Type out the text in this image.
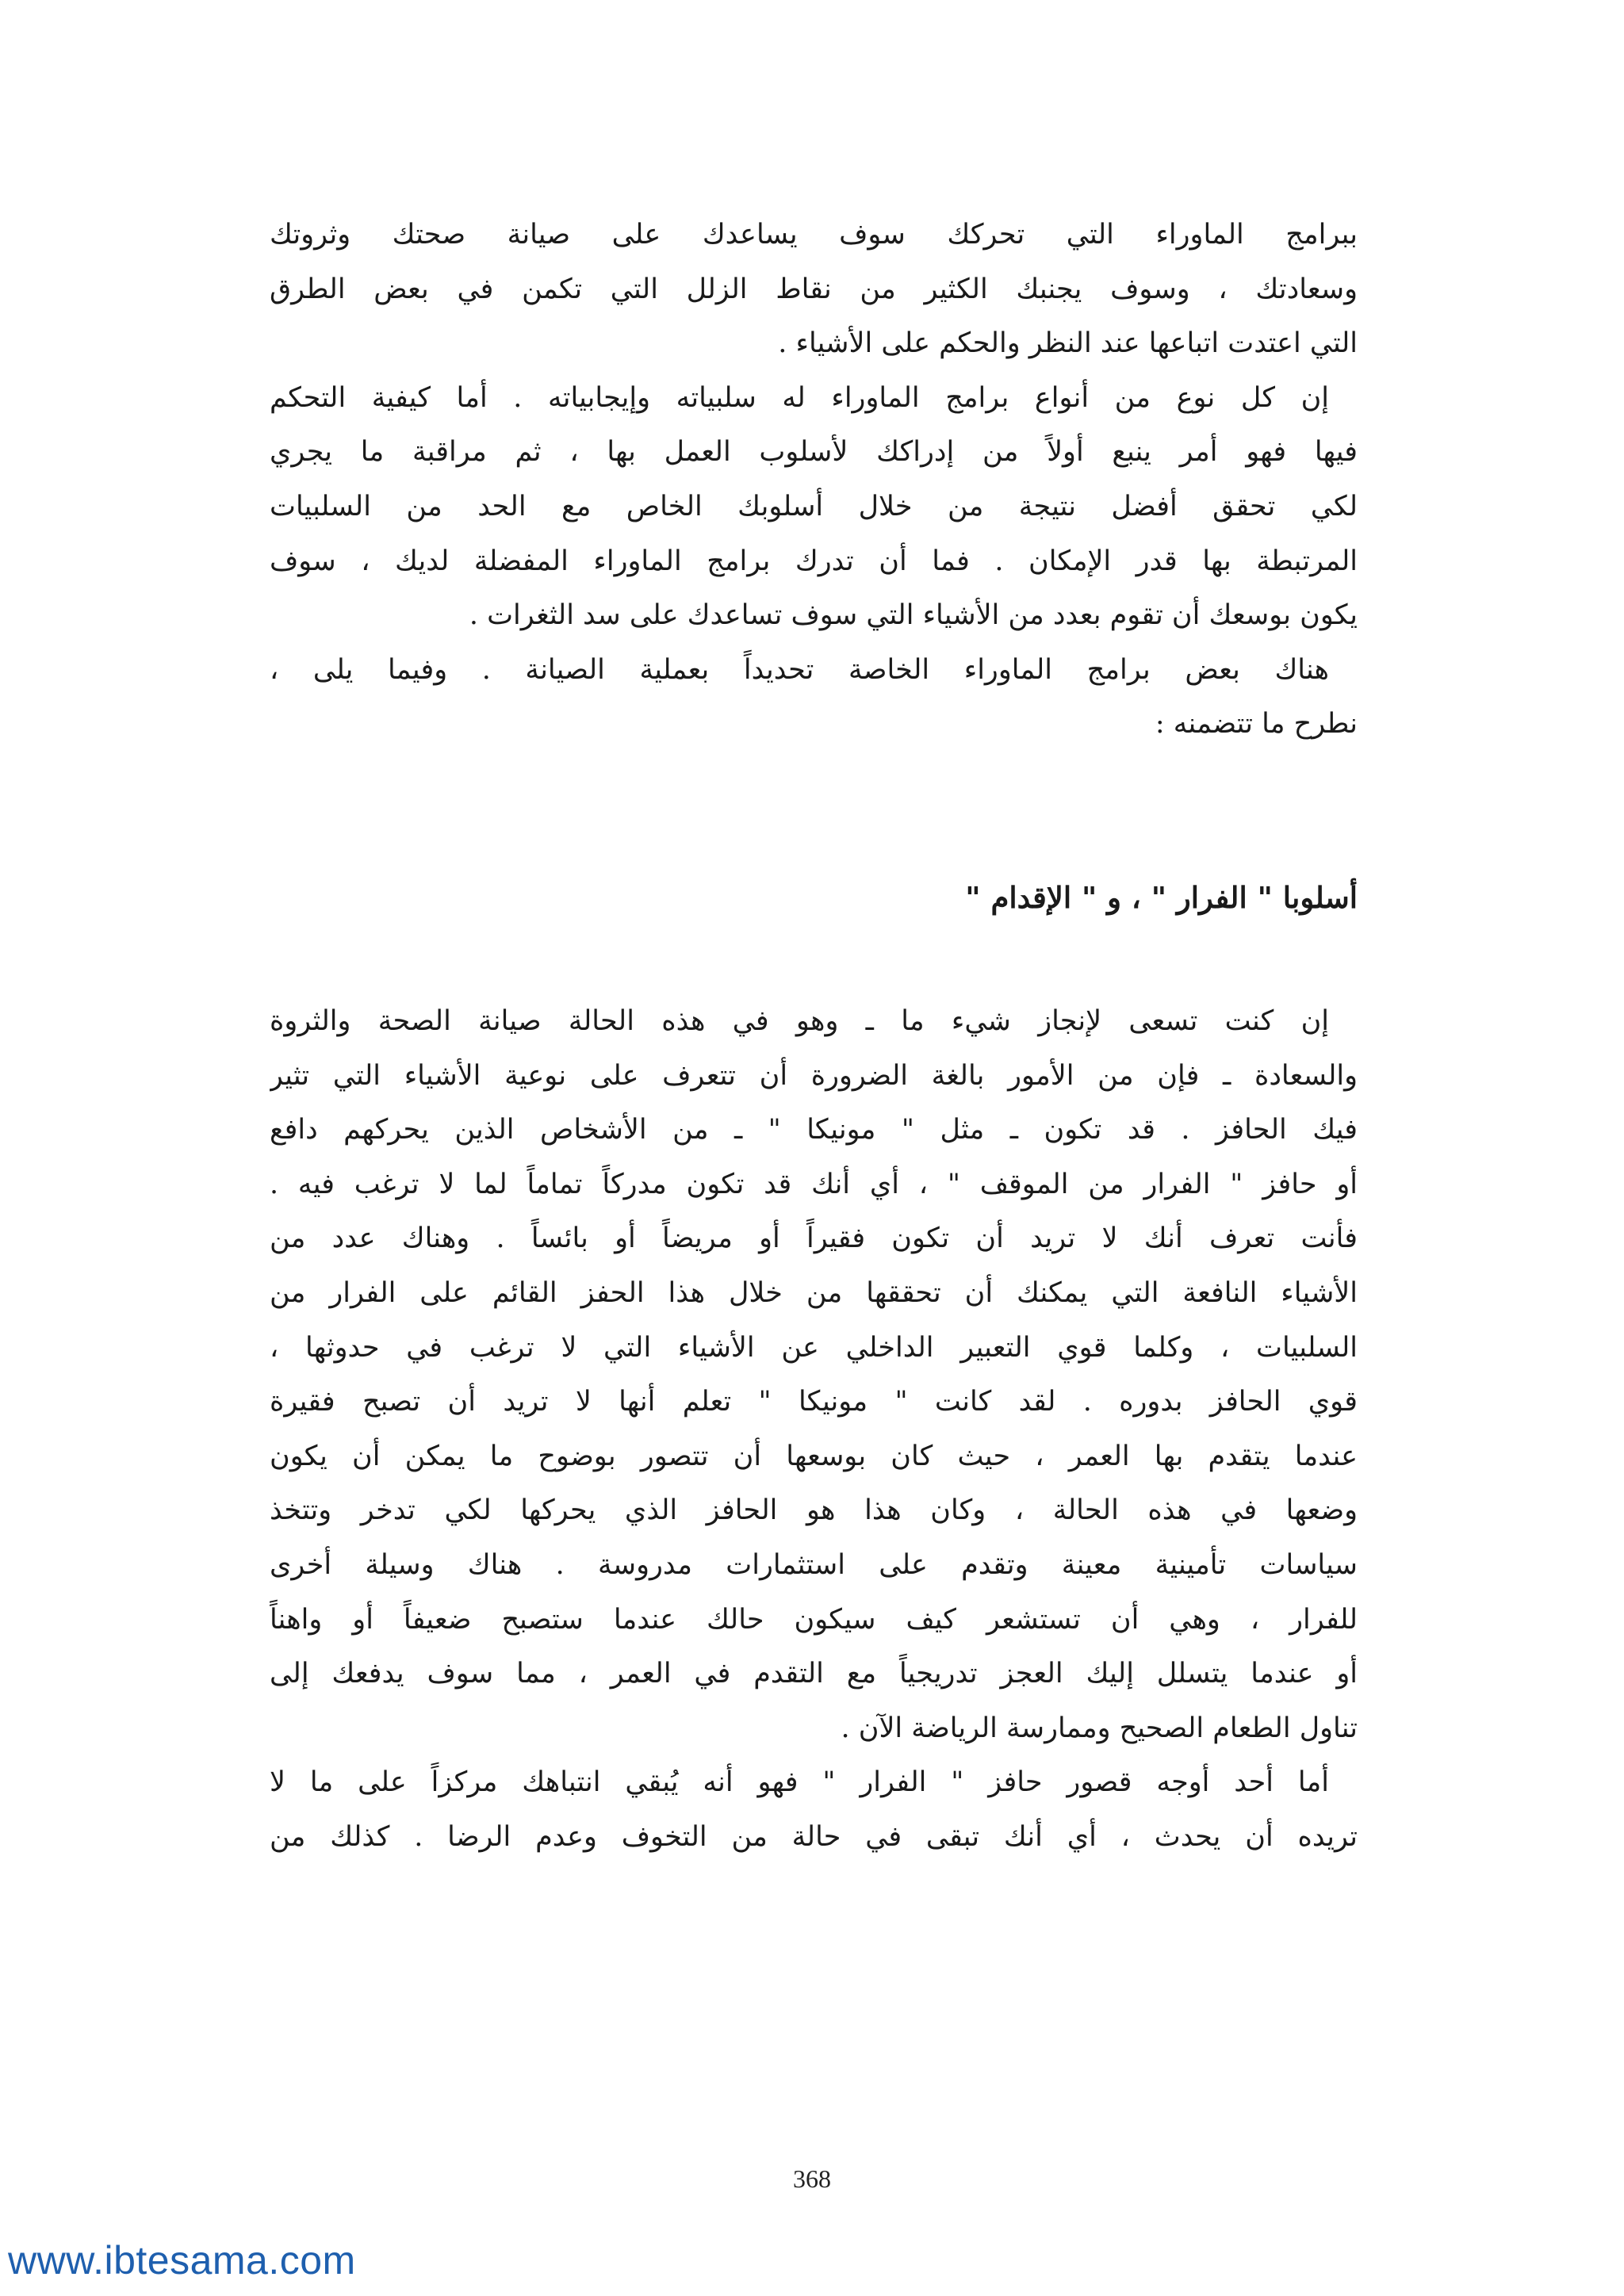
ببرامج الماوراء التي تحركك سوف يساعدك على صيانة صحتك وثروتك
وسعادتك ، وسوف يجنبك الكثير من نقاط الزلل التي تكمن في بعض الطرق
التي اعتدت اتباعها عند النظر والحكم على الأشياء .
إن كل نوع من أنواع برامج الماوراء له سلبياته وإيجابياته . أما كيفية التحكم
فيها فهو أمر ينبع أولاً من إدراكك لأسلوب العمل بها ، ثم مراقبة ما يجري
لكي تحقق أفضل نتيجة من خلال أسلوبك الخاص مع الحد من السلبيات
المرتبطة بها قدر الإمكان . فما أن تدرك برامج الماوراء المفضلة لديك ، سوف
يكون بوسعك أن تقوم بعدد من الأشياء التي سوف تساعدك على سد الثغرات .
هناك بعض برامج الماوراء الخاصة تحديداً بعملية الصيانة . وفيما يلى ،
نطرح ما تتضمنه :
أسلوبا " الفرار " ، و " الإقدام "
إن كنت تسعى لإنجاز شيء ما ـ وهو في هذه الحالة صيانة الصحة والثروة
والسعادة ـ فإن من الأمور بالغة الضرورة أن تتعرف على نوعية الأشياء التي تثير
فيك الحافز . قد تكون ـ مثل " مونيكا " ـ من الأشخاص الذين يحركهم دافع
أو حافز " الفرار من الموقف " ، أي أنك قد تكون مدركاً تماماً لما لا ترغب فيه .
فأنت تعرف أنك لا تريد أن تكون فقيراً أو مريضاً أو بائساً . وهناك عدد من
الأشياء النافعة التي يمكنك أن تحققها من خلال هذا الحفز القائم على الفرار من
السلبيات ، وكلما قوي التعبير الداخلي عن الأشياء التي لا ترغب في حدوثها ،
قوي الحافز بدوره . لقد كانت " مونيكا " تعلم أنها لا تريد أن تصبح فقيرة
عندما يتقدم بها العمر ، حيث كان بوسعها أن تتصور بوضوح ما يمكن أن يكون
وضعها في هذه الحالة ، وكان هذا هو الحافز الذي يحركها لكي تدخر وتتخذ
سياسات تأمينية معينة وتقدم على استثمارات مدروسة . هناك وسيلة أخرى
للفرار ، وهي أن تستشعر كيف سيكون حالك عندما ستصبح ضعيفاً أو واهناً
أو عندما يتسلل إليك العجز تدريجياً مع التقدم في العمر ، مما سوف يدفعك إلى
تناول الطعام الصحيح وممارسة الرياضة الآن .
أما أحد أوجه قصور حافز " الفرار " فهو أنه يُبقي انتباهك مركزاً على ما لا
تريده أن يحدث ، أي أنك تبقى في حالة من التخوف وعدم الرضا . كذلك من
368
www.ibtesama.com
